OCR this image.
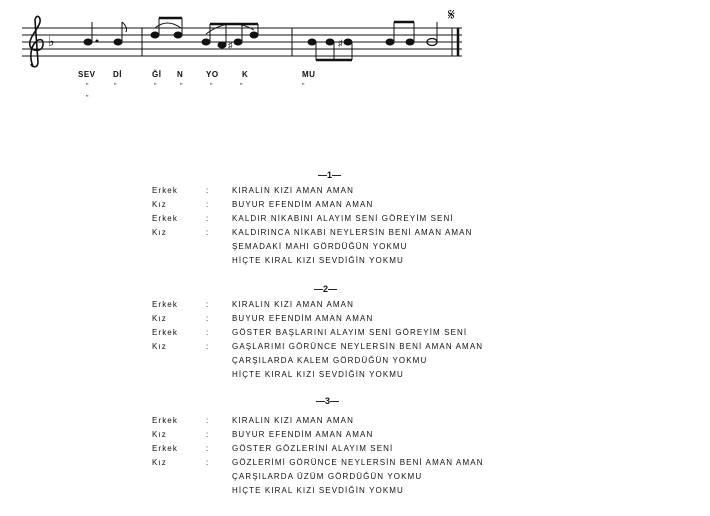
♭	♯	♯
𝄋
SEV Dİ	Ğİ N	YO	K	MU
"	"	"	"	"	"	"
"
—1—
Erkek	:	KIRALIN KIZI AMAN AMAN
Kız	:	BUYUR EFENDİM AMAN AMAN
Erkek	:	KALDIR NİKABINI ALAYIM SENİ GÖREYİM SENİ
Kız	:	KALDIRINCA NİKABI NEYLERSİN BENİ AMAN AMAN
ŞEMADAKİ MAHI GÖRDÜĞÜN YOKMU
HİÇTE KIRAL KIZI SEVDİĞİN YOKMU
—2—
Erkek	:	KIRALIN KIZI AMAN AMAN
Kız	:	BUYUR EFENDİM AMAN AMAN
Erkek	:	GÖSTER BAŞLARINI ALAYIM SENİ GÖREYİM SENİ
Kız	:	GAŞLARIMI GÖRÜNCE NEYLERSİN BENİ AMAN AMAN
ÇARŞILARDA KALEM GÖRDÜĞÜN YOKMU
HİÇTE KIRAL KIZI SEVDİĞİN YOKMU
—3—
Erkek	:	KIRALIN KIZI AMAN AMAN
Kız	:	BUYUR EFENDİM AMAN AMAN
Erkek	:	GÖSTER GÖZLERİNİ ALAYIM SENİ
Kız	:	GÖZLERİMİ GÖRÜNCE NEYLERSİN BENİ AMAN AMAN
ÇARŞILARDA ÜZÜM GÖRDÜĞÜN YOKMU
HİÇTE KIRAL KIZI SEVDİĞİN YOKMU
